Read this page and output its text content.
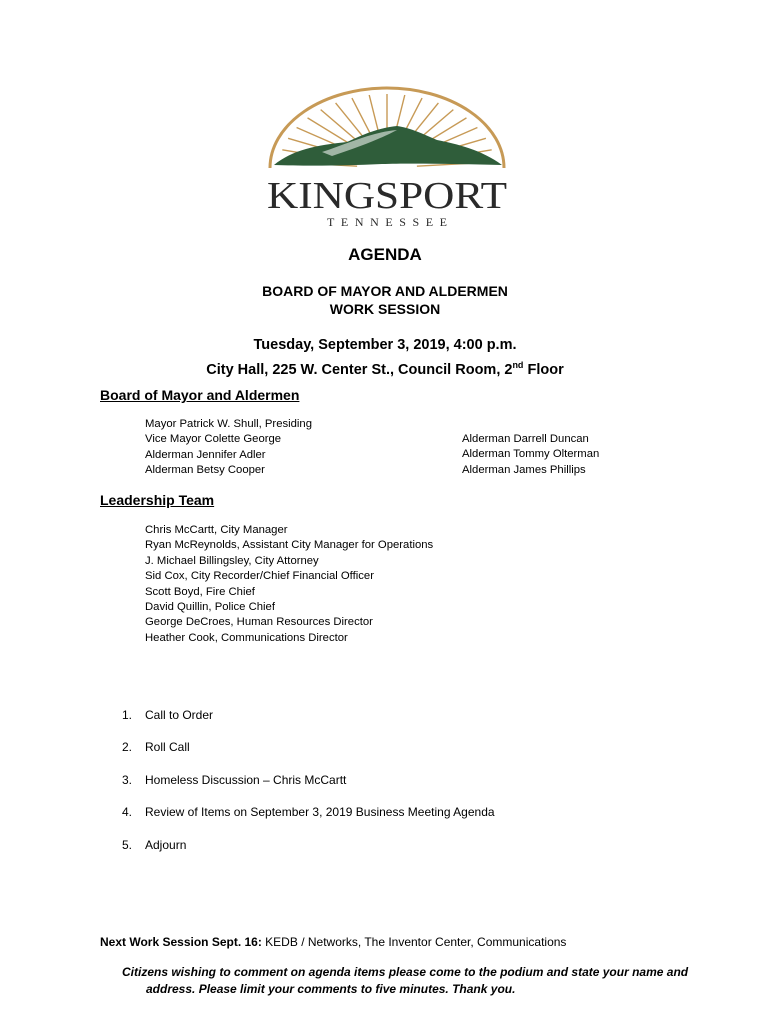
KINGSPORT
TENNESSEE
AGENDA
BOARD OF MAYOR AND ALDERMEN
WORK SESSION
Tuesday, September 3, 2019, 4:00 p.m.
City Hall, 225 W. Center St., Council Room, 2nd Floor
Board of Mayor and Aldermen
Mayor Patrick W. Shull, Presiding
Vice Mayor Colette George
Alderman Jennifer Adler
Alderman Betsy Cooper
Alderman Darrell Duncan
Alderman Tommy Olterman
Alderman James Phillips
Leadership Team
Chris McCartt, City Manager
Ryan McReynolds, Assistant City Manager for Operations
J. Michael Billingsley, City Attorney
Sid Cox, City Recorder/Chief Financial Officer
Scott Boyd, Fire Chief
David Quillin, Police Chief
George DeCroes, Human Resources Director
Heather Cook, Communications Director
1. Call to Order
2. Roll Call
3. Homeless Discussion – Chris McCartt
4. Review of Items on September 3, 2019 Business Meeting Agenda
5. Adjourn
Next Work Session Sept. 16: KEDB / Networks, The Inventor Center, Communications
Citizens wishing to comment on agenda items please come to the podium and state your name and
address. Please limit your comments to five minutes. Thank you.
